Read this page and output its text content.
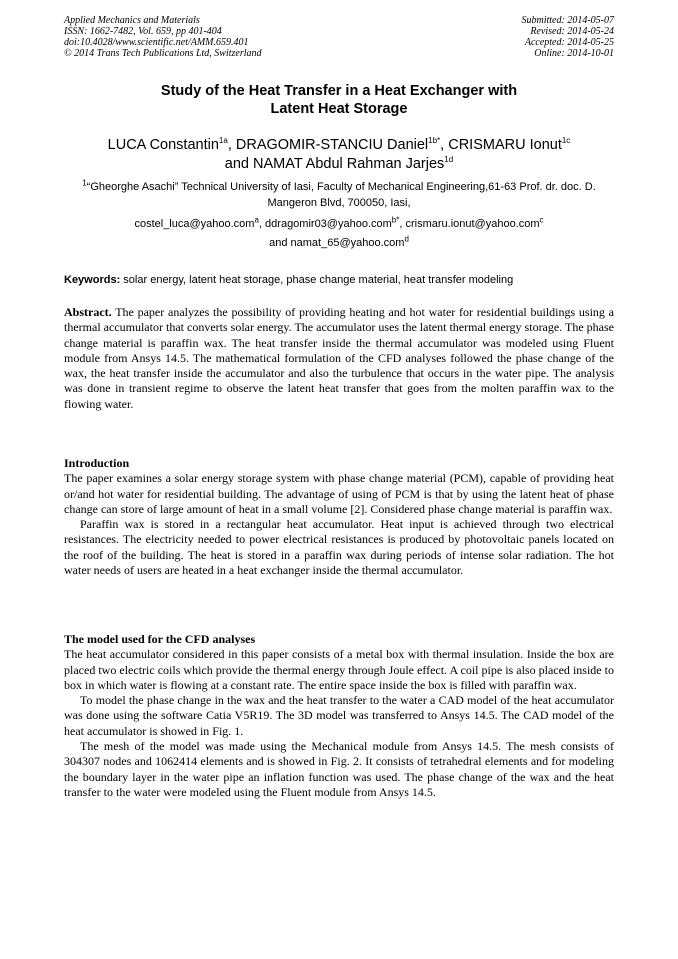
Applied Mechanics and Materials
ISSN: 1662-7482, Vol. 659, pp 401-404
doi:10.4028/www.scientific.net/AMM.659.401
© 2014 Trans Tech Publications Ltd, Switzerland
Submitted: 2014-05-07
Revised: 2014-05-24
Accepted: 2014-05-25
Online: 2014-10-01
Study of the Heat Transfer in a Heat Exchanger with
Latent Heat Storage
LUCA Constantin$^{1a}$, DRAGOMIR-STANCIU Daniel$^{1b*}$, CRISMARU Ionut$^{1c}$
and NAMAT Abdul Rahman Jarjes$^{1d}$

$^1$“Gheorghe Asachi” Technical University of Iasi, Faculty of Mechanical Engineering,61-63 Prof. dr. doc. D. Mangeron Blvd, 700050, Iasi,

costel_luca@yahoo.com$^a$, ddragomir03@yahoo.com$^{b*}$, crismaru.ionut@yahoo.com$^c$

and namat_65@yahoo.com$^d$

Keywords: solar energy, latent heat storage, phase change material, heat transfer modeling

Abstract. The paper analyzes the possibility of providing heating and hot water for residential buildings using a thermal accumulator that converts solar energy. The accumulator uses the latent thermal energy storage. The phase change material is paraffin wax. The heat transfer inside the thermal accumulator was modeled using Fluent module from Ansys 14.5. The mathematical formulation of the CFD analyses followed the phase change of the wax, the heat transfer inside the accumulator and also the turbulence that occurs in the water pipe. The analysis was done in transient regime to observe the latent heat transfer that goes from the molten paraffin wax to the flowing water.

Introduction

The paper examines a solar energy storage system with phase change material (PCM), capable of providing heat or/and hot water for residential building. The advantage of using of PCM is that by using the latent heat of phase change can store of large amount of heat in a small volume [2]. Considered phase change material is paraffin wax.

Paraffin wax is stored in a rectangular heat accumulator. Heat input is achieved through two electrical resistances. The electricity needed to power electrical resistances is produced by photovoltaic panels located on the roof of the building. The heat is stored in a paraffin wax during periods of intense solar radiation. The hot water needs of users are heated in a heat exchanger inside the thermal accumulator.

The model used for the CFD analyses

The heat accumulator considered in this paper consists of a metal box with thermal insulation. Inside the box are placed two electric coils which provide the thermal energy through Joule effect. A coil pipe is also placed inside to box in which water is flowing at a constant rate. The entire space inside the box is filled with paraffin wax.

To model the phase change in the wax and the heat transfer to the water a CAD model of the heat accumulator was done using the software Catia V5R19. The 3D model was transferred to Ansys 14.5. The CAD model of the heat accumulator is showed in Fig. 1.

The mesh of the model was made using the Mechanical module from Ansys 14.5. The mesh consists of 304307 nodes and 1062414 elements and is showed in Fig. 2. It consists of tetrahedral elements and for modeling the boundary layer in the water pipe an inflation function was used. The phase change of the wax and the heat transfer to the water were modeled using the Fluent module from Ansys 14.5.
